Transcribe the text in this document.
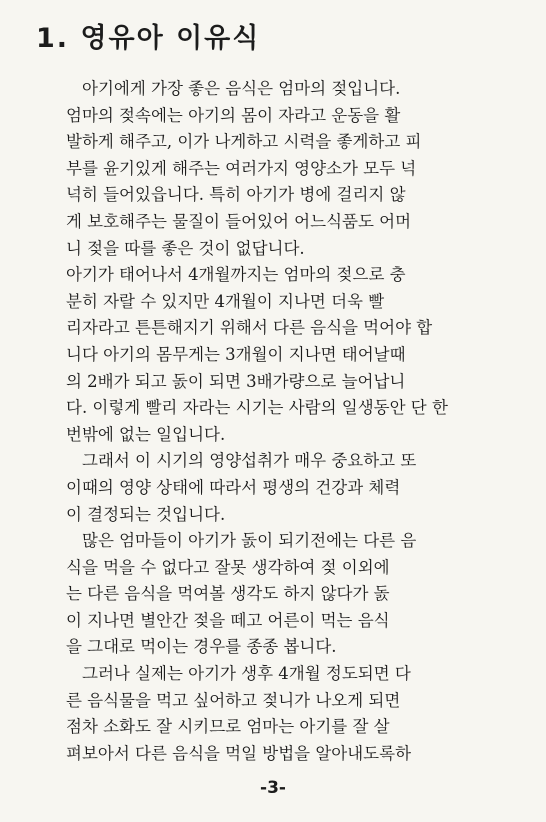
1. 영유아 이유식
아기에게 가장 좋은 음식은 엄마의 젖입니다.
엄마의 젖속에는 아기의 몸이 자라고 운동을 활
발하게 해주고, 이가 나게하고 시력을 좋게하고 피
부를 윤기있게 해주는 여러가지 영양소가 모두 넉
넉히 들어있읍니다. 특히 아기가 병에 걸리지 않
게 보호해주는 물질이 들어있어 어느식품도 어머
니 젖을 따를 좋은 것이 없답니다.
아기가 태어나서 4개월까지는 엄마의 젖으로 충
분히 자랄 수 있지만 4개월이 지나면 더욱 빨
리자라고 튼튼해지기 위해서 다른 음식을 먹어야 합
니다 아기의 몸무게는 3개월이 지나면 태어날때
의 2배가 되고 돐이 되면 3배가량으로 늘어납니
다. 이렇게 빨리 자라는 시기는 사람의 일생동안 단 한
번밖에 없는 일입니다.
그래서 이 시기의 영양섭취가 매우 중요하고 또
이때의 영양 상태에 따라서 평생의 건강과 체력
이 결정되는 것입니다.
많은 엄마들이 아기가 돐이 되기전에는 다른 음
식을 먹을 수 없다고 잘못 생각하여 젖 이외에
는 다른 음식을 먹여볼 생각도 하지 않다가 돐
이 지나면 별안간 젖을 떼고 어른이 먹는 음식
을 그대로 먹이는 경우를 종종 봅니다.
그러나 실제는 아기가 생후 4개월 정도되면 다
른 음식물을 먹고 싶어하고 젖니가 나오게 되면
점차 소화도 잘 시키므로 엄마는 아기를 잘 살
펴보아서 다른 음식을 먹일 방법을 알아내도록하
-3-
